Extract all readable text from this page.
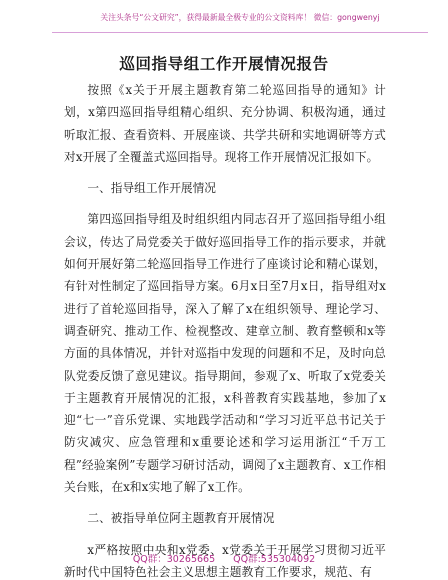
关注头条号“公文研究”，获得最新最全极专业的公文资料库！ 微信：gongwenyj
巡回指导组工作开展情况报告

按照《x关于开展主题教育第二轮巡回指导的通知》计划，x第四巡回指导组精心组织、充分协调、积极沟通，通过听取汇报、查看资料、开展座谈、共学共研和实地调研等方式对x开展了全覆盖式巡回指导。现将工作开展情况汇报如下。

一、指导组工作开展情况

第四巡回指导组及时组织组内同志召开了巡回指导组小组会议，传达了局党委关于做好巡回指导工作的指示要求，并就如何开展好第二轮巡回指导工作进行了座谈讨论和精心谋划，有针对性制定了巡回指导方案。6月x日至7月x日，指导组对x进行了首轮巡回指导，深入了解了x在组织领导、理论学习、调查研究、推动工作、检视整改、建章立制、教育整顿和x等方面的具体情况，并针对巡指中发现的问题和不足，及时向总队党委反馈了意见建议。指导期间，参观了x、听取了x党委关于主题教育开展情况的汇报，x科普教育实践基地，参加了x迎“七一”音乐党课、实地践学活动和“学习习近平总书记关于防灾减灾、应急管理和x重要论述和学习运用浙江“千万工程”经验案例”专题学习研讨活动，调阅了x主题教育、x工作相关台账，在x和x实地了解了x工作。

二、被指导单位阿主题教育开展情况

x严格按照中央和x党委、x党委关于开展学习贯彻习近平新时代中国特色社会主义思想主题教育工作要求，规范、有

QQ群：30265665 QQ群:535304092
